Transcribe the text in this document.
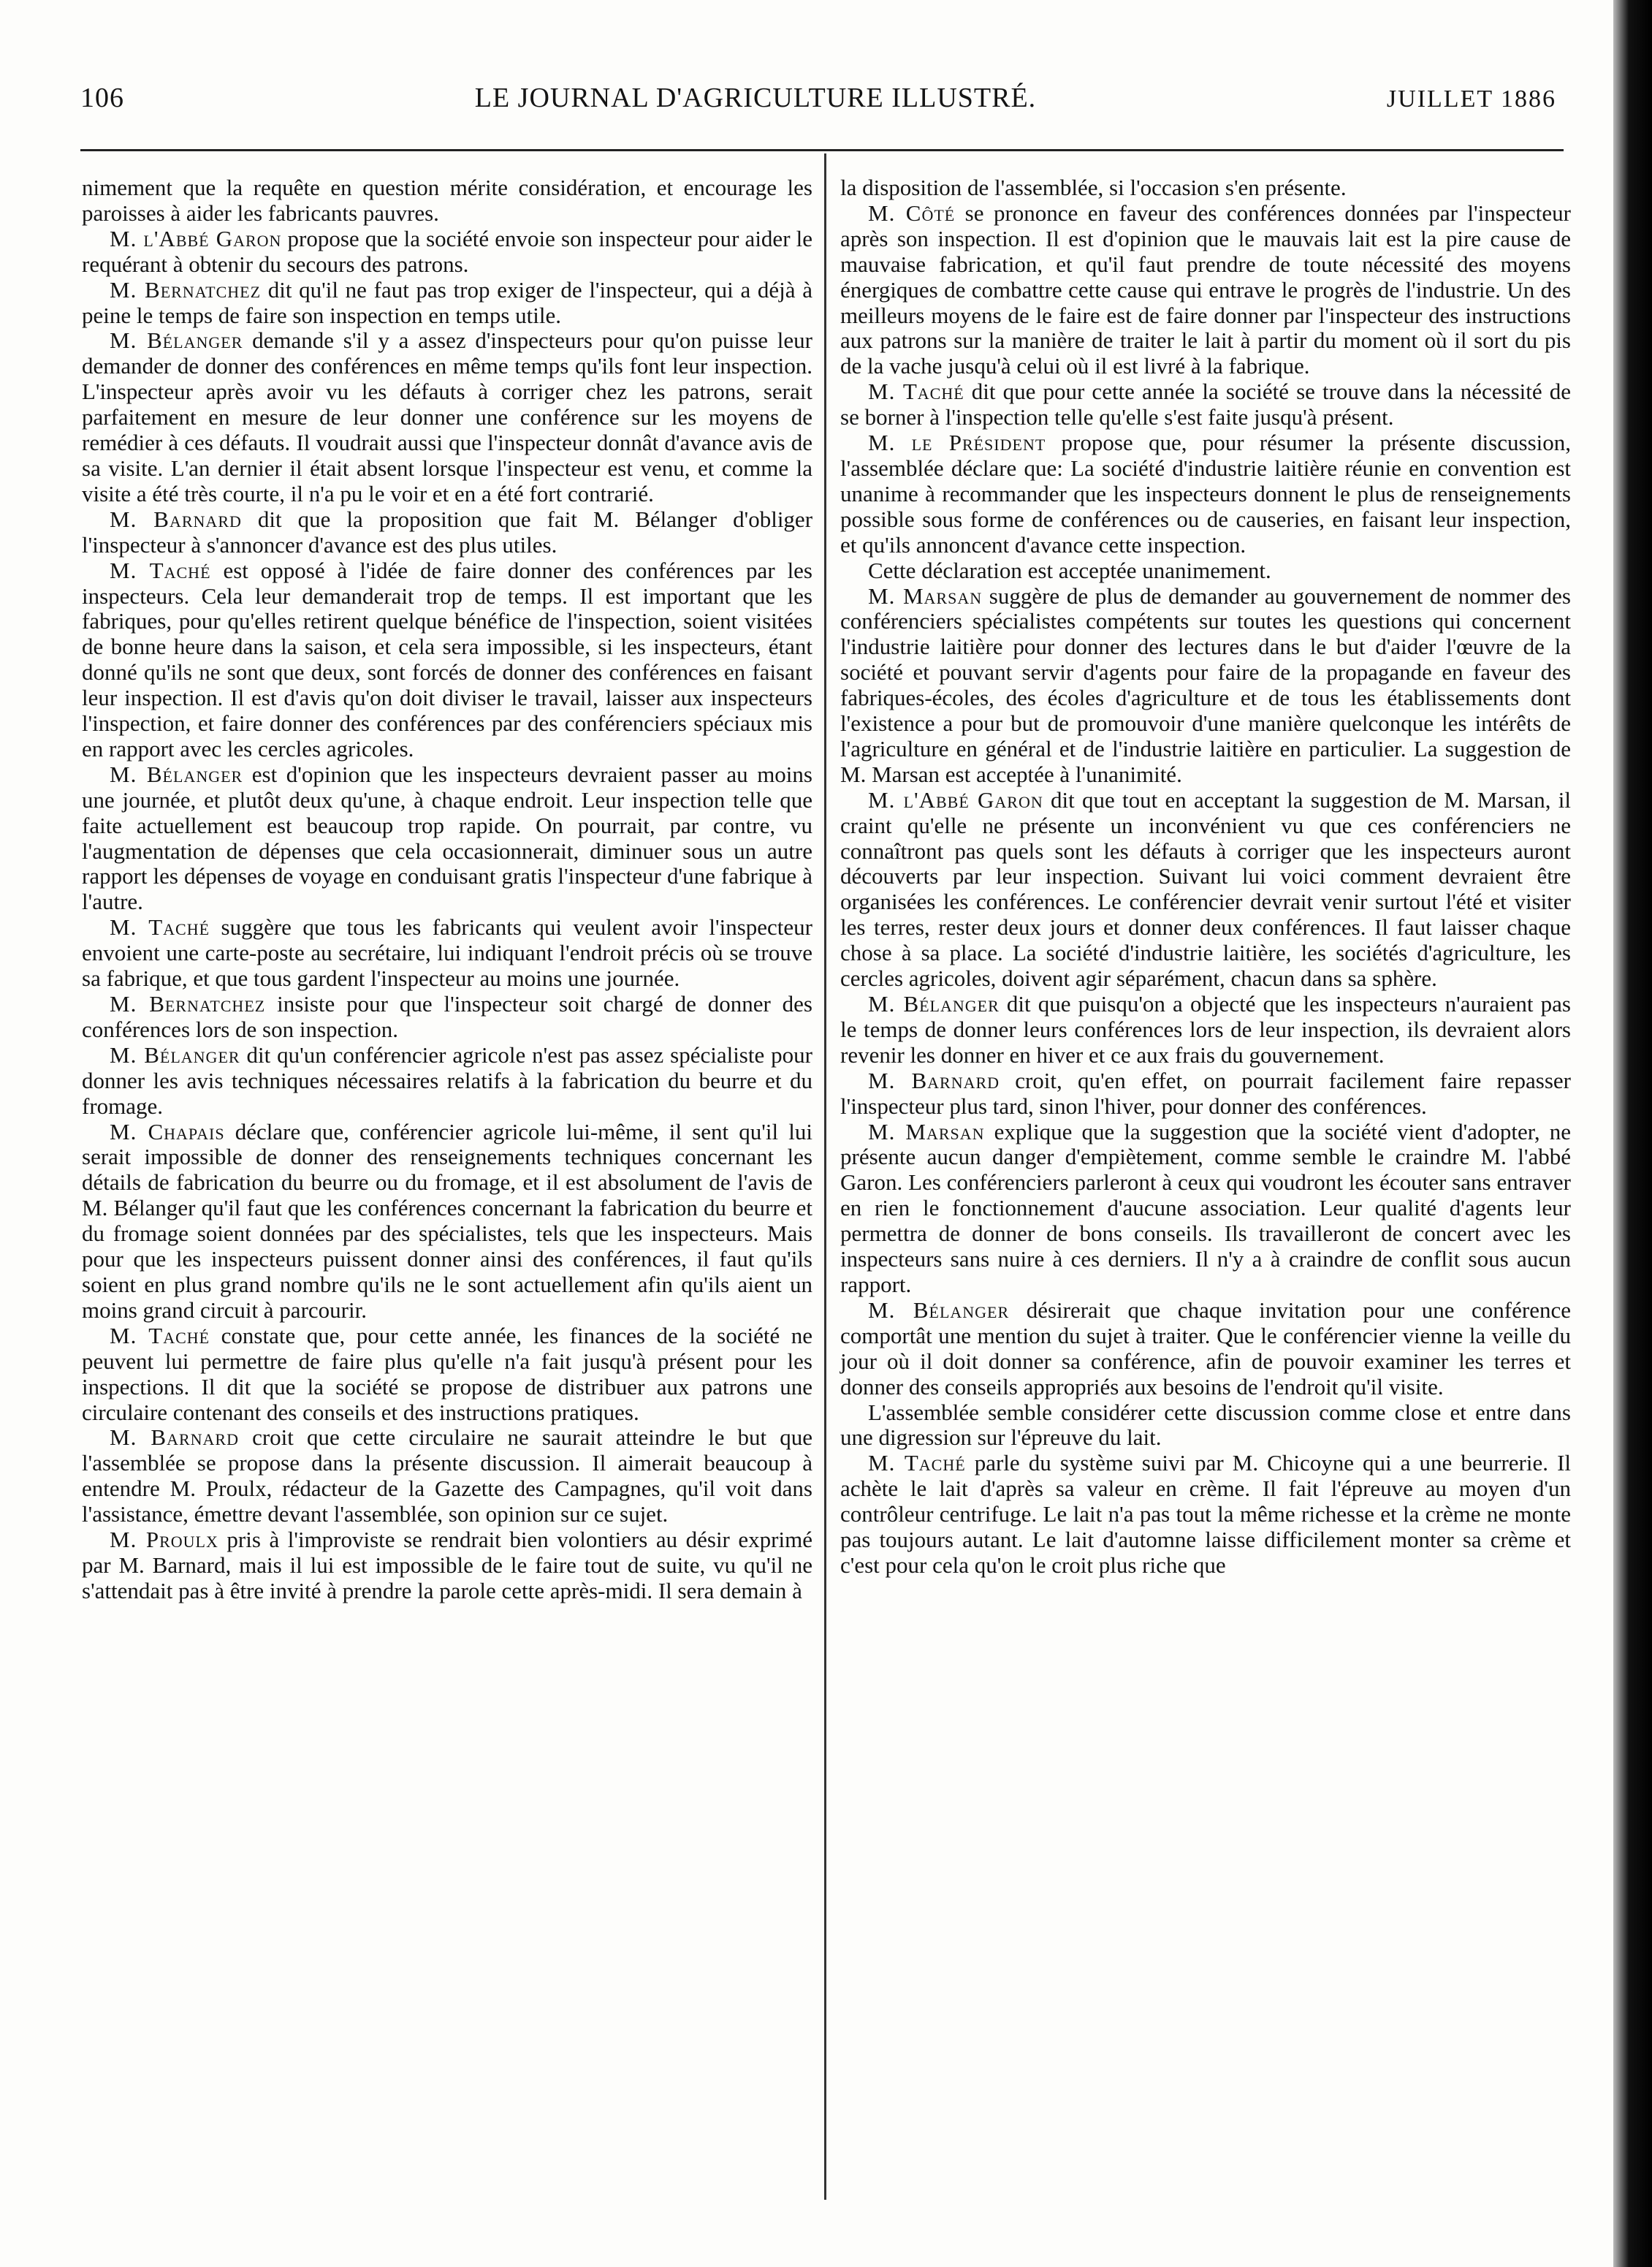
106	LE JOURNAL D'AGRICULTURE ILLUSTRÉ.	JUILLET 1886

nimement que la requête en question mérite considération, et encourage les paroisses à aider les fabricants pauvres.

M. l'Abbé Garon propose que la société envoie son inspecteur pour aider le requérant à obtenir du secours des patrons.

M. Bernatchez dit qu'il ne faut pas trop exiger de l'inspecteur, qui a déjà à peine le temps de faire son inspection en temps utile.

M. Bélanger demande s'il y a assez d'inspecteurs pour qu'on puisse leur demander de donner des conférences en même temps qu'ils font leur inspection. L'inspecteur après avoir vu les défauts à corriger chez les patrons, serait parfaitement en mesure de leur donner une conférence sur les moyens de remédier à ces défauts. Il voudrait aussi que l'inspecteur donnât d'avance avis de sa visite. L'an dernier il était absent lorsque l'inspecteur est venu, et comme la visite a été très courte, il n'a pu le voir et en a été fort contrarié.

M. Barnard dit que la proposition que fait M. Bélanger d'obliger l'inspecteur à s'annoncer d'avance est des plus utiles.

M. Taché est opposé à l'idée de faire donner des conférences par les inspecteurs. Cela leur demanderait trop de temps. Il est important que les fabriques, pour qu'elles retirent quelque bénéfice de l'inspection, soient visitées de bonne heure dans la saison, et cela sera impossible, si les inspecteurs, étant donné qu'ils ne sont que deux, sont forcés de donner des conférences en faisant leur inspection. Il est d'avis qu'on doit diviser le travail, laisser aux inspecteurs l'inspection, et faire donner des conférences par des conférenciers spéciaux mis en rapport avec les cercles agricoles.

M. Bélanger est d'opinion que les inspecteurs devraient passer au moins une journée, et plutôt deux qu'une, à chaque endroit. Leur inspection telle que faite actuellement est beaucoup trop rapide. On pourrait, par contre, vu l'augmentation de dépenses que cela occasionnerait, diminuer sous un autre rapport les dépenses de voyage en conduisant gratis l'inspecteur d'une fabrique à l'autre.

M. Taché suggère que tous les fabricants qui veulent avoir l'inspecteur envoient une carte-poste au secrétaire, lui indiquant l'endroit précis où se trouve sa fabrique, et que tous gardent l'inspecteur au moins une journée.

M. Bernatchez insiste pour que l'inspecteur soit chargé de donner des conférences lors de son inspection.

M. Bélanger dit qu'un conférencier agricole n'est pas assez spécialiste pour donner les avis techniques nécessaires relatifs à la fabrication du beurre et du fromage.

M. Chapais déclare que, conférencier agricole lui-même, il sent qu'il lui serait impossible de donner des renseignements techniques concernant les détails de fabrication du beurre ou du fromage, et il est absolument de l'avis de M. Bélanger qu'il faut que les conférences concernant la fabrication du beurre et du fromage soient données par des spécialistes, tels que les inspecteurs. Mais pour que les inspecteurs puissent donner ainsi des conférences, il faut qu'ils soient en plus grand nombre qu'ils ne le sont actuellement afin qu'ils aient un moins grand circuit à parcourir.

M. Taché constate que, pour cette année, les finances de la société ne peuvent lui permettre de faire plus qu'elle n'a fait jusqu'à présent pour les inspections. Il dit que la société se propose de distribuer aux patrons une circulaire contenant des conseils et des instructions pratiques.

M. Barnard croit que cette circulaire ne saurait atteindre le but que l'assemblée se propose dans la présente discussion. Il aimerait beaucoup à entendre M. Proulx, rédacteur de la Gazette des Campagnes, qu'il voit dans l'assistance, émettre devant l'assemblée, son opinion sur ce sujet.

M. Proulx pris à l'improviste se rendrait bien volontiers au désir exprimé par M. Barnard, mais il lui est impossible de le faire tout de suite, vu qu'il ne s'attendait pas à être invité à prendre la parole cette après-midi. Il sera demain à

la disposition de l'assemblée, si l'occasion s'en présente.

M. Côté se prononce en faveur des conférences données par l'inspecteur après son inspection. Il est d'opinion que le mauvais lait est la pire cause de mauvaise fabrication, et qu'il faut prendre de toute nécessité des moyens énergiques de combattre cette cause qui entrave le progrès de l'industrie. Un des meilleurs moyens de le faire est de faire donner par l'inspecteur des instructions aux patrons sur la manière de traiter le lait à partir du moment où il sort du pis de la vache jusqu'à celui où il est livré à la fabrique.

M. Taché dit que pour cette année la société se trouve dans la nécessité de se borner à l'inspection telle qu'elle s'est faite jusqu'à présent.

M. le Président propose que, pour résumer la présente discussion, l'assemblée déclare que: La société d'industrie laitière réunie en convention est unanime à recommander que les inspecteurs donnent le plus de renseignements possible sous forme de conférences ou de causeries, en faisant leur inspection, et qu'ils annoncent d'avance cette inspection.

Cette déclaration est acceptée unanimement.

M. Marsan suggère de plus de demander au gouvernement de nommer des conférenciers spécialistes compétents sur toutes les questions qui concernent l'industrie laitière pour donner des lectures dans le but d'aider l'œuvre de la société et pouvant servir d'agents pour faire de la propagande en faveur des fabriques-écoles, des écoles d'agriculture et de tous les établissements dont l'existence a pour but de promouvoir d'une manière quelconque les intérêts de l'agriculture en général et de l'industrie laitière en particulier. La suggestion de M. Marsan est acceptée à l'unanimité.

M. l'Abbé Garon dit que tout en acceptant la suggestion de M. Marsan, il craint qu'elle ne présente un inconvénient vu que ces conférenciers ne connaîtront pas quels sont les défauts à corriger que les inspecteurs auront découverts par leur inspection. Suivant lui voici comment devraient être organisées les conférences. Le conférencier devrait venir surtout l'été et visiter les terres, rester deux jours et donner deux conférences. Il faut laisser chaque chose à sa place. La société d'industrie laitière, les sociétés d'agriculture, les cercles agricoles, doivent agir séparément, chacun dans sa sphère.

M. Bélanger dit que puisqu'on a objecté que les inspecteurs n'auraient pas le temps de donner leurs conférences lors de leur inspection, ils devraient alors revenir les donner en hiver et ce aux frais du gouvernement.

M. Barnard croit, qu'en effet, on pourrait facilement faire repasser l'inspecteur plus tard, sinon l'hiver, pour donner des conférences.

M. Marsan explique que la suggestion que la société vient d'adopter, ne présente aucun danger d'empiètement, comme semble le craindre M. l'abbé Garon. Les conférenciers parleront à ceux qui voudront les écouter sans entraver en rien le fonctionnement d'aucune association. Leur qualité d'agents leur permettra de donner de bons conseils. Ils travailleront de concert avec les inspecteurs sans nuire à ces derniers. Il n'y a à craindre de conflit sous aucun rapport.

M. Bélanger désirerait que chaque invitation pour une conférence comportât une mention du sujet à traiter. Que le conférencier vienne la veille du jour où il doit donner sa conférence, afin de pouvoir examiner les terres et donner des conseils appropriés aux besoins de l'endroit qu'il visite.

L'assemblée semble considérer cette discussion comme close et entre dans une digression sur l'épreuve du lait.

M. Taché parle du système suivi par M. Chicoyne qui a une beurrerie. Il achète le lait d'après sa valeur en crème. Il fait l'épreuve au moyen d'un contrôleur centrifuge. Le lait n'a pas tout la même richesse et la crème ne monte pas toujours autant. Le lait d'automne laisse difficilement monter sa crème et c'est pour cela qu'on le croit plus riche que
